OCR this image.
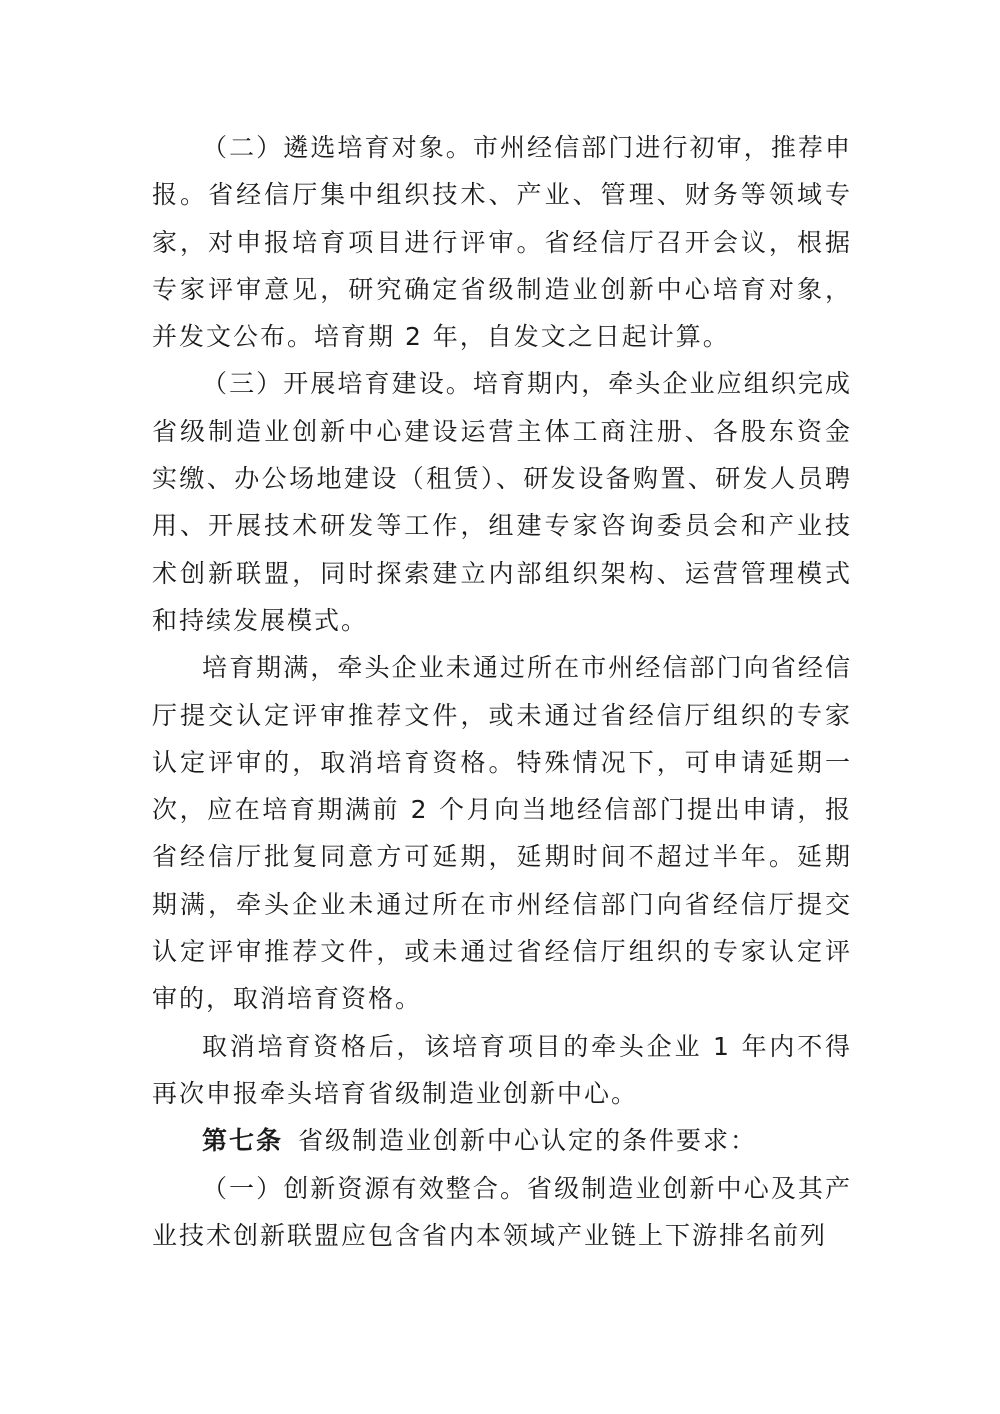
（二）遴选培育对象。市州经信部门进行初审，推荐申报。省经信厅集中组织技术、产业、管理、财务等领域专家，对申报培育项目进行评审。省经信厅召开会议，根据专家评审意见，研究确定省级制造业创新中心培育对象，并发文公布。培育期 2 年，自发文之日起计算。

（三）开展培育建设。培育期内，牵头企业应组织完成省级制造业创新中心建设运营主体工商注册、各股东资金实缴、办公场地建设（租赁）、研发设备购置、研发人员聘用、开展技术研发等工作，组建专家咨询委员会和产业技术创新联盟，同时探索建立内部组织架构、运营管理模式和持续发展模式。

培育期满，牵头企业未通过所在市州经信部门向省经信厅提交认定评审推荐文件，或未通过省经信厅组织的专家认定评审的，取消培育资格。特殊情况下，可申请延期一次，应在培育期满前 2 个月向当地经信部门提出申请，报省经信厅批复同意方可延期，延期时间不超过半年。延期期满，牵头企业未通过所在市州经信部门向省经信厅提交认定评审推荐文件，或未通过省经信厅组织的专家认定评审的，取消培育资格。

取消培育资格后，该培育项目的牵头企业 1 年内不得再次申报牵头培育省级制造业创新中心。

第七条 省级制造业创新中心认定的条件要求：

（一）创新资源有效整合。省级制造业创新中心及其产业技术创新联盟应包含省内本领域产业链上下游排名前列
